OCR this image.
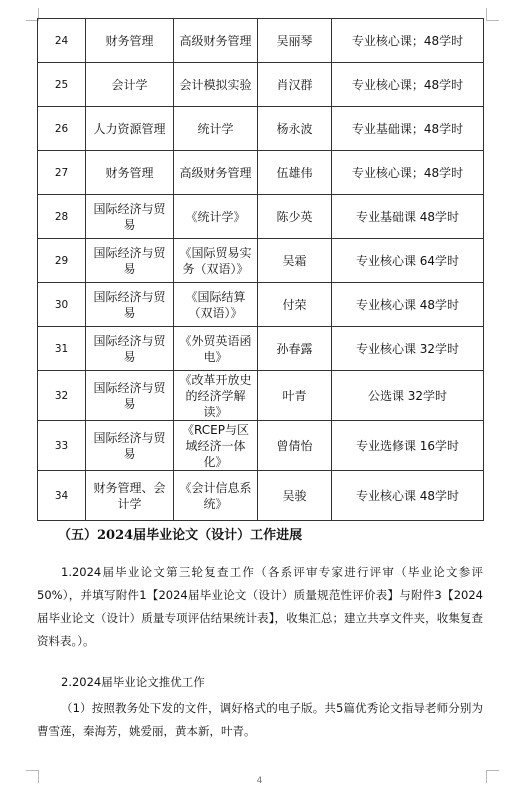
24	财务管理	高级财务管理	吴丽琴	专业核心课；48学时
25	会计学	会计模拟实验	肖汉群	专业核心课；48学时
26	人力资源管理	统计学	杨永波	专业基础课；48学时
27	财务管理	高级财务管理	伍雄伟	专业核心课；48学时
28	国际经济与贸易	《统计学》	陈少英	专业基础课 48学时
29	国际经济与贸易	《国际贸易实务（双语）》	吴霜	专业核心课 64学时
30	国际经济与贸易	《国际结算（双语）》	付荣	专业核心课 48学时
31	国际经济与贸易	《外贸英语函电》	孙春露	专业核心课 32学时
32	国际经济与贸易	《改革开放史的经济学解读》	叶青	公选课 32学时
33	国际经济与贸易	《RCEP与区域经济一体化》	曾倩怡	专业选修课 16学时
34	财务管理、会计学	《会计信息系统》	吴骏	专业核心课 48学时
（五）2024届毕业论文（设计）工作进展

1.2024届毕业论文第三轮复查工作（各系评审专家进行评审（毕业论文参评50%），并填写附件1【2024届毕业论文（设计）质量规范性评价表】与附件3【2024届毕业论文（设计）质量专项评估结果统计表】，收集汇总；建立共享文件夹，收集复查资料表。）。

2.2024届毕业论文推优工作

（1）按照教务处下发的文件，调好格式的电子版。共5篇优秀论文指导老师分别为曹雪莲，秦海芳，姚爱丽，黄本新，叶青。

4
